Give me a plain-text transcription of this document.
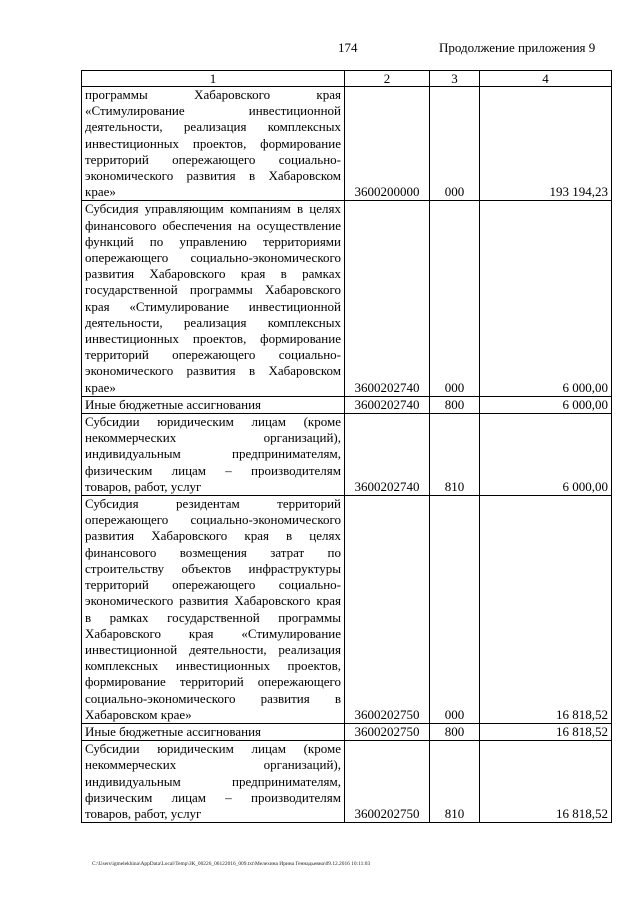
174	Продолжение приложения 9
1	2	3	4
программы Хабаровского края «Стимулирование инвестиционной деятельности, реализация комплексных инвестиционных проектов, формирование территорий опережающего социально-экономического развития в Хабаровском крае»	3600200000	000	193 194,23
Субсидия управляющим компаниям в целях финансового обеспечения на осуществление функций по управлению территориями опережающего социально-экономического развития Хабаровского края в рамках государственной программы Хабаровского края «Стимулирование инвестиционной деятельности, реализация комплексных инвестиционных проектов, формирование территорий опережающего социально-экономического развития в Хабаровском крае»	3600202740	000	6 000,00
Иные бюджетные ассигнования	3600202740	800	6 000,00
Субсидии юридическим лицам (кроме некоммерческих организаций), индивидуальным предпринимателям, физическим лицам – производителям товаров, работ, услуг	3600202740	810	6 000,00
Субсидия резидентам территорий опережающего социально-экономического развития Хабаровского края в целях финансового возмещения затрат по строительству объектов инфраструктуры территорий опережающего социально-экономического развития Хабаровского края в рамках государственной программы Хабаровского края «Стимулирование инвестиционной деятельности, реализация комплексных инвестиционных проектов, формирование территорий опережающего социально-экономического развития в Хабаровском крае»	3600202750	000	16 818,52
Иные бюджетные ассигнования	3600202750	800	16 818,52
Субсидии юридическим лицам (кроме некоммерческих организаций), индивидуальным предпринимателям, физическим лицам – производителям товаров, работ, услуг	3600202750	810	16 818,52
C:\Users\igmelekhina\AppData\Local\Temp\ЗК_00226_06122016_009.txt\Мелехина Ирина Геннадьевна\09.12.2016 10:11:03
